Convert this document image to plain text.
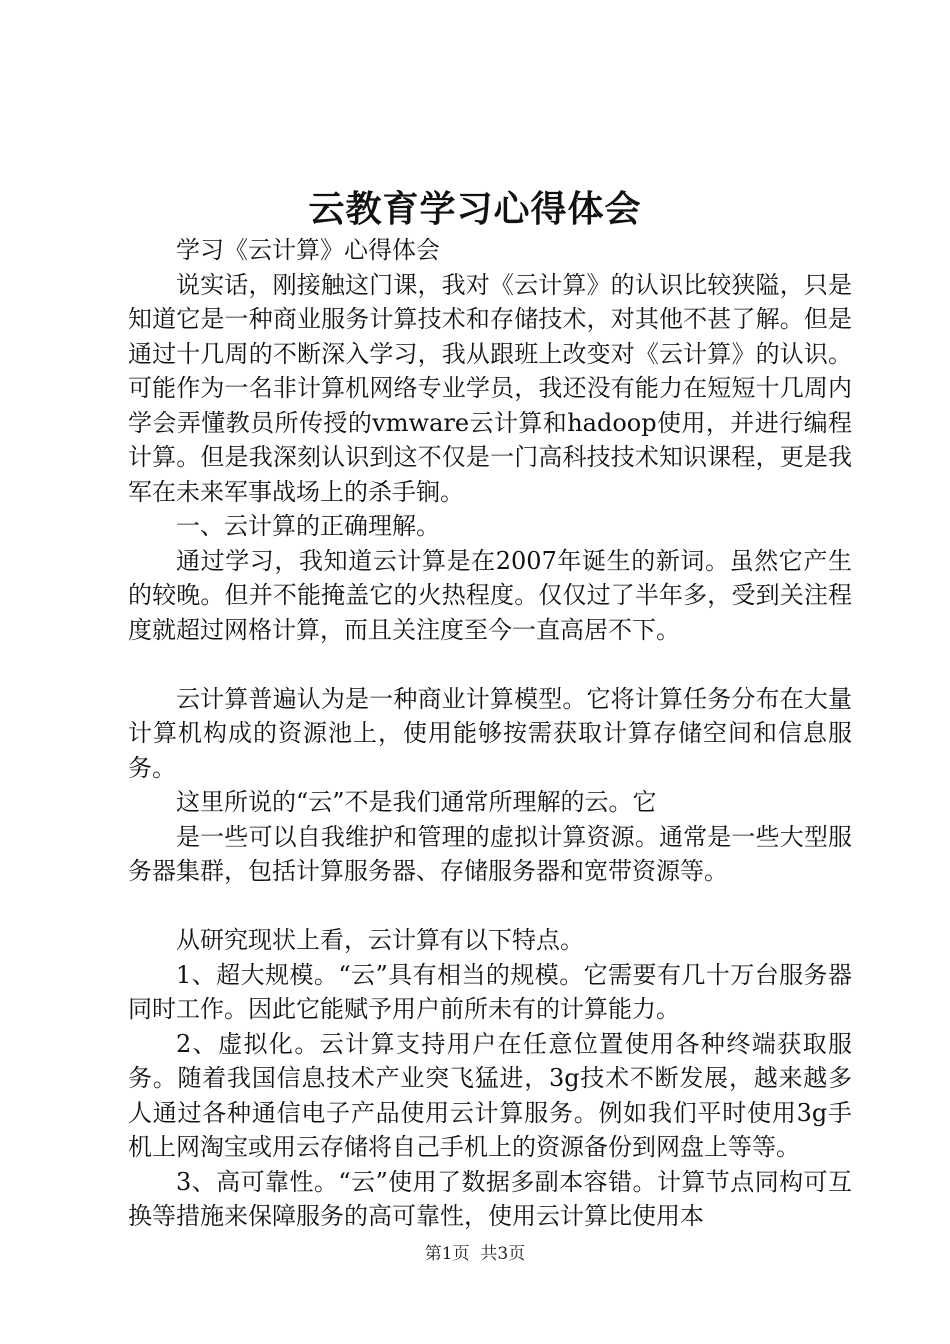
云教育学习心得体会

学习《云计算》心得体会

说实话，刚接触这门课，我对《云计算》的认识比较狭隘，只是知道它是一种商业服务计算技术和存储技术，对其他不甚了解。但是通过十几周的不断深入学习，我从跟班上改变对《云计算》的认识。可能作为一名非计算机网络专业学员，我还没有能力在短短十几周内学会弄懂教员所传授的vmware云计算和hadoop使用，并进行编程计算。但是我深刻认识到这不仅是一门高科技技术知识课程，更是我军在未来军事战场上的杀手锏。

一、云计算的正确理解。

通过学习，我知道云计算是在2007年诞生的新词。虽然它产生的较晚。但并不能掩盖它的火热程度。仅仅过了半年多，受到关注程度就超过网格计算，而且关注度至今一直高居不下。

云计算普遍认为是一种商业计算模型。它将计算任务分布在大量计算机构成的资源池上，使用能够按需获取计算存储空间和信息服务。

这里所说的“云”不是我们通常所理解的云。它

是一些可以自我维护和管理的虚拟计算资源。通常是一些大型服务器集群，包括计算服务器、存储服务器和宽带资源等。

从研究现状上看，云计算有以下特点。

1、超大规模。“云”具有相当的规模。它需要有几十万台服务器同时工作。因此它能赋予用户前所未有的计算能力。

2、虚拟化。云计算支持用户在任意位置使用各种终端获取服务。随着我国信息技术产业突飞猛进，3g技术不断发展，越来越多人通过各种通信电子产品使用云计算服务。例如我们平时使用3g手机上网淘宝或用云存储将自己手机上的资源备份到网盘上等等。

3、高可靠性。“云”使用了数据多副本容错。计算节点同构可互换等措施来保障服务的高可靠性，使用云计算比使用本

第1页 共3页
